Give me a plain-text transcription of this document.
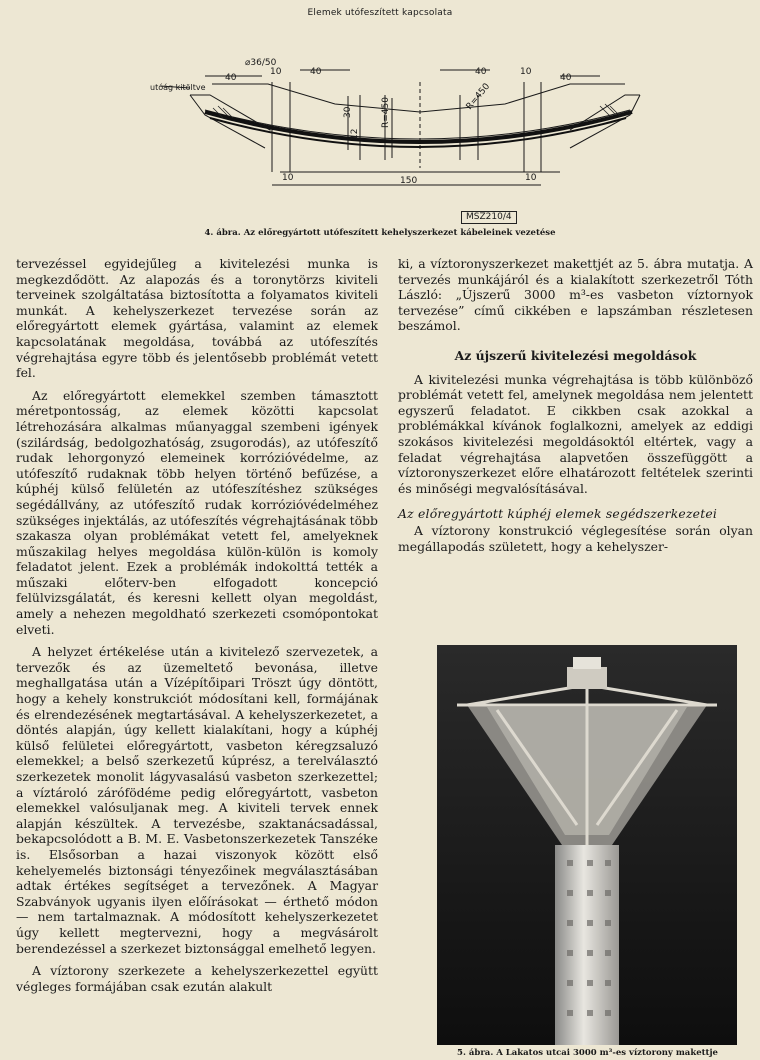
Elemek utófeszített kapcsolata
⌀36/50
utóág kitöltve
40
10	40	40	10
40
30
12
R=450
R=450
10	150	10
MSZ210/4
4. ábra. Az előregyártott utófeszített kehelyszerkezet kábeleinek vezetése

tervezéssel egyidejűleg a kivitelezési munka is megkezdődött. Az alapozás és a toronytörzs kiviteli terveinek szolgáltatása biztosította a folyamatos kiviteli munkát. A kehelyszerkezet tervezése során az előregyártott elemek gyártása, valamint az elemek kapcsolatának megoldása, továbbá az utófeszítés végrehajtása egyre több és jelentősebb problémát vetett fel.

Az előregyártott elemekkel szemben támasztott méretpontosság, az elemek közötti kapcsolat létrehozására alkalmas műanyaggal szembeni igények (szilárdság, bedolgozhatóság, zsugorodás), az utófeszítő rudak lehorgonyzó elemeinek korrózióvédelme, az utófeszítő rudaknak több helyen történő befűzése, a kúphéj külső felületén az utófeszítéshez szükséges segédállvány, az utófeszítő rudak korrózióvédelméhez szükséges injektálás, az utófeszítés végrehajtásának több szakasza olyan problémákat vetett fel, amelyeknek műszakilag helyes megoldása külön-külön is komoly feladatot jelent. Ezek a problémák indokolttá tették a műszaki előterv-ben elfogadott koncepció felülvizsgálatát, és keresni kellett olyan megoldást, amely a nehezen megoldható szerkezeti csomópontokat elveti.

A helyzet értékelése után a kivitelező szervezetek, a tervezők és az üzemeltető bevonása, illetve meghallgatása után a Vízépítőipari Tröszt úgy döntött, hogy a kehely konstrukciót módosítani kell, formájának és elrendezésének megtartásával. A kehelyszerkezetet, a döntés alapján, úgy kellett kialakítani, hogy a kúphéj külső felületei előregyártott, vasbeton kéregzsaluzó elemekkel; a belső szerkezetű kúprész, a terelválasztó szerkezetek monolit lágyvasalású vasbeton szerkezettel; a víztároló zárófödéme pedig előregyártott, vasbeton elemekkel valósuljanak meg. A kiviteli tervek ennek alapján készültek. A tervezésbe, szaktanácsadással, bekapcsolódott a B. M. E. Vasbetonszerkezetek Tanszéke is. Elsősorban a hazai viszonyok között első kehelyemelés biztonsági tényezőinek megválasztásában adtak értékes segítséget a tervezőnek. A Magyar Szabványok ugyanis ilyen előírásokat — érthető módon — nem tartalmaznak. A módosított kehelyszerkezetet úgy kellett megtervezni, hogy a megvásárolt berendezéssel a szerkezet biztonsággal emelhető legyen.

A víztorony szerkezete a kehelyszerkezettel együtt végleges formájában csak ezután alakult

ki, a víztoronyszerkezet makettjét az 5. ábra mutatja. A tervezés munkájáról és a kialakított szerkezetről Tóth László: „Újszerű 3000 m³-es vasbeton víztornyok tervezése” című cikkében e lapszámban részletesen beszámol.

Az újszerű kivitelezési megoldások

A kivitelezési munka végrehajtása is több különböző problémát vetett fel, amelynek megoldása nem jelentett egyszerű feladatot. E cikkben csak azokkal a problémákkal kívánok foglalkozni, amelyek az eddigi szokásos kivitelezési megoldásoktól eltértek, vagy a feladat végrehajtása alapvetően összefüggött a víztoronyszerkezet előre elhatározott feltételek szerinti és minőségi megvalósításával.

Az előregyártott kúphéj elemek segédszerkezetei

A víztorony konstrukció véglegesítése során olyan megállapodás született, hogy a kehelyszer-

5. ábra. A Lakatos utcai 3000 m³-es víztorony makettje
